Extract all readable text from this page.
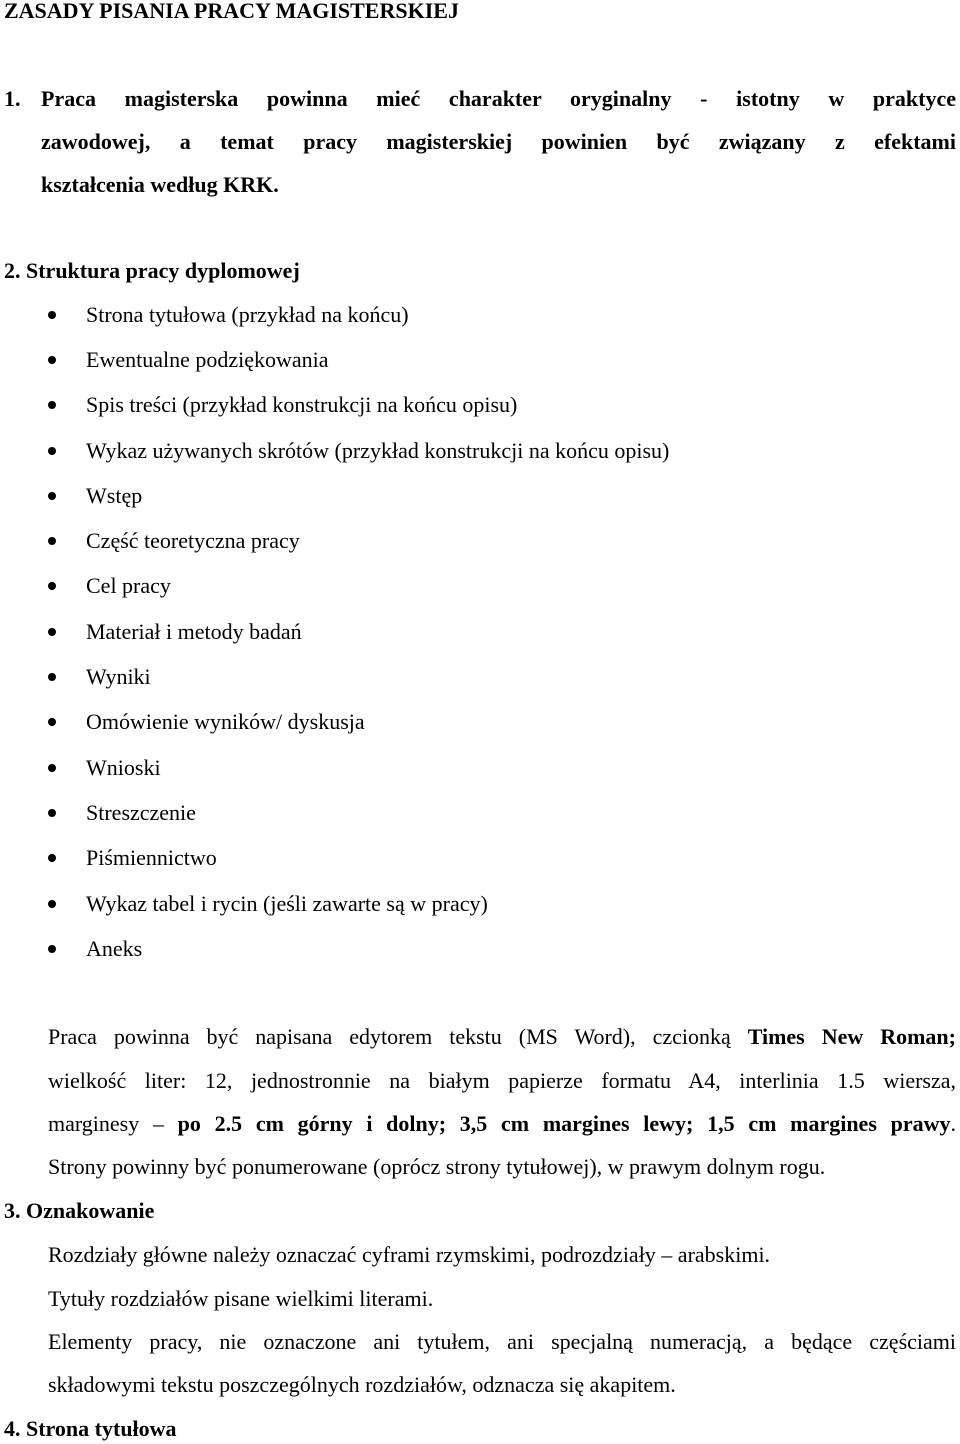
ZASADY PISANIA PRACY MAGISTERSKIEJ
1. Praca magisterska powinna mieć charakter oryginalny - istotny w praktyce
zawodowej, a temat pracy magisterskiej powinien być związany z efektami
kształcenia według KRK.
2. Struktura pracy dyplomowej
Strona tytułowa (przykład na końcu)
Ewentualne podziękowania
Spis treści (przykład konstrukcji na końcu opisu)
Wykaz używanych skrótów (przykład konstrukcji na końcu opisu)
Wstęp
Część teoretyczna pracy
Cel pracy
Materiał i metody badań
Wyniki
Omówienie wyników/ dyskusja
Wnioski
Streszczenie
Piśmiennictwo
Wykaz tabel i rycin (jeśli zawarte są w pracy)
Aneks
Praca powinna być napisana edytorem tekstu (MS Word), czcionką Times New Roman;
wielkość liter: 12, jednostronnie na białym papierze formatu A4, interlinia 1.5 wiersza,
marginesy – po 2.5 cm górny i dolny; 3,5 cm margines lewy; 1,5 cm margines prawy.
Strony powinny być ponumerowane (oprócz strony tytułowej), w prawym dolnym rogu.
3. Oznakowanie
Rozdziały główne należy oznaczać cyframi rzymskimi, podrozdziały – arabskimi.
Tytuły rozdziałów pisane wielkimi literami.
Elementy pracy, nie oznaczone ani tytułem, ani specjalną numeracją, a będące częściami
składowymi tekstu poszczególnych rozdziałów, odznacza się akapitem.
4. Strona tytułowa
